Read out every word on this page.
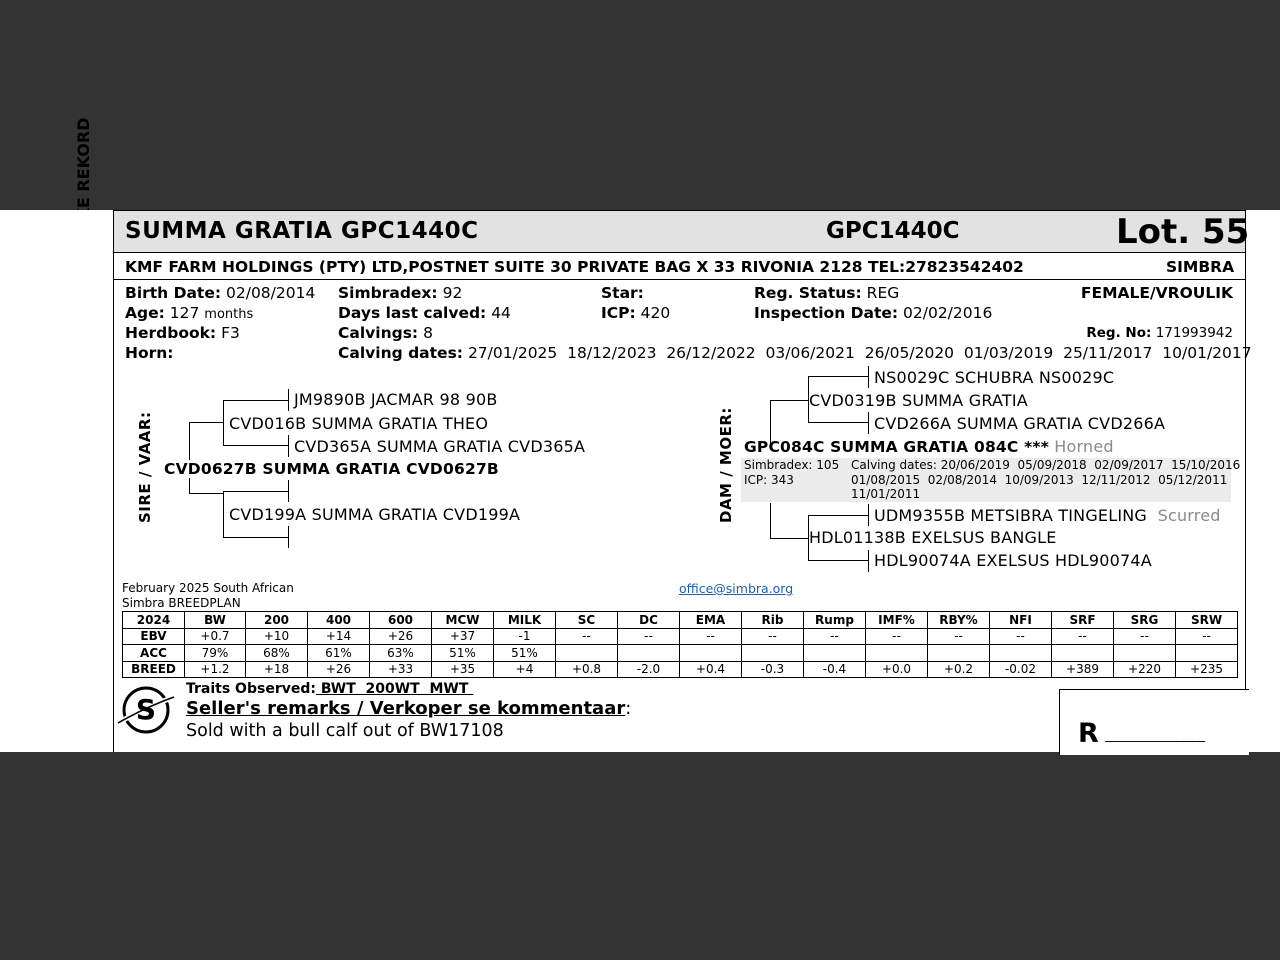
SUMMA GRATIA GPC1440C	GPC1440C	Lot. 55
KMF FARM HOLDINGS (PTY) LTD,POSTNET SUITE 30 PRIVATE BAG X 33 RIVONIA 2128 TEL:27823542402	SIMBRA
Birth Date: 02/08/2014
Age: 127 months
Herdbook: F3
Horn:
Simbradex: 92
Days last calved: 44
Calvings: 8
Calving dates: 27/01/2025  18/12/2023  26/12/2022  03/06/2021  26/05/2020  01/03/2019  25/11/2017  10/01/2017
Star:
ICP: 420
Reg. Status: REG
Inspection Date: 02/02/2016
FEMALE/VROULIK
Reg. No: 171993942
SIRE / VAAR:
JM9890B JACMAR 98 90B
CVD016B SUMMA GRATIA THEO
CVD365A SUMMA GRATIA CVD365A
CVD0627B SUMMA GRATIA CVD0627B
CVD199A SUMMA GRATIA CVD199A	DAM / MOER:
NS0029C SCHUBRA NS0029C
CVD0319B SUMMA GRATIA
CVD266A SUMMA GRATIA CVD266A
GPC084C SUMMA GRATIA 084C *** Horned
Simbradex: 105
ICP: 343
Calving dates: 20/06/2019  05/09/2018  02/09/2017  15/10/2016
01/08/2015  02/08/2014  10/09/2013  12/11/2012  05/12/2011
11/01/2011
UDM9355B METSIBRA TINGELING Scurred
HDL01138B EXELSUS BANGLE
HDL90074A EXELSUS HDL90074A
February 2025 South African
Simbra BREEDPLAN
office@simbra.org
2024	BW	200	400	600	MCW	MILK	SC	DC	EMA	Rib	Rump	IMF%	RBY%	NFI	SRF	SRG	SRW
EBV	+0.7	+10	+14	+26	+37	-1	--	--	--	--	--	--	--	--	--	--	--
ACC	79%	68%	61%	63%	51%	51%											
BREED	+1.2	+18	+26	+33	+35	+4	+0.8	-2.0	+0.4	-0.3	-0.4	+0.0	+0.2	-0.02	+389	+220	+235
S
Traits Observed: BWT  200WT  MWT
Seller's remarks / Verkoper se kommentaar:
Sold with a bull calf out of BW17108	R __________________
